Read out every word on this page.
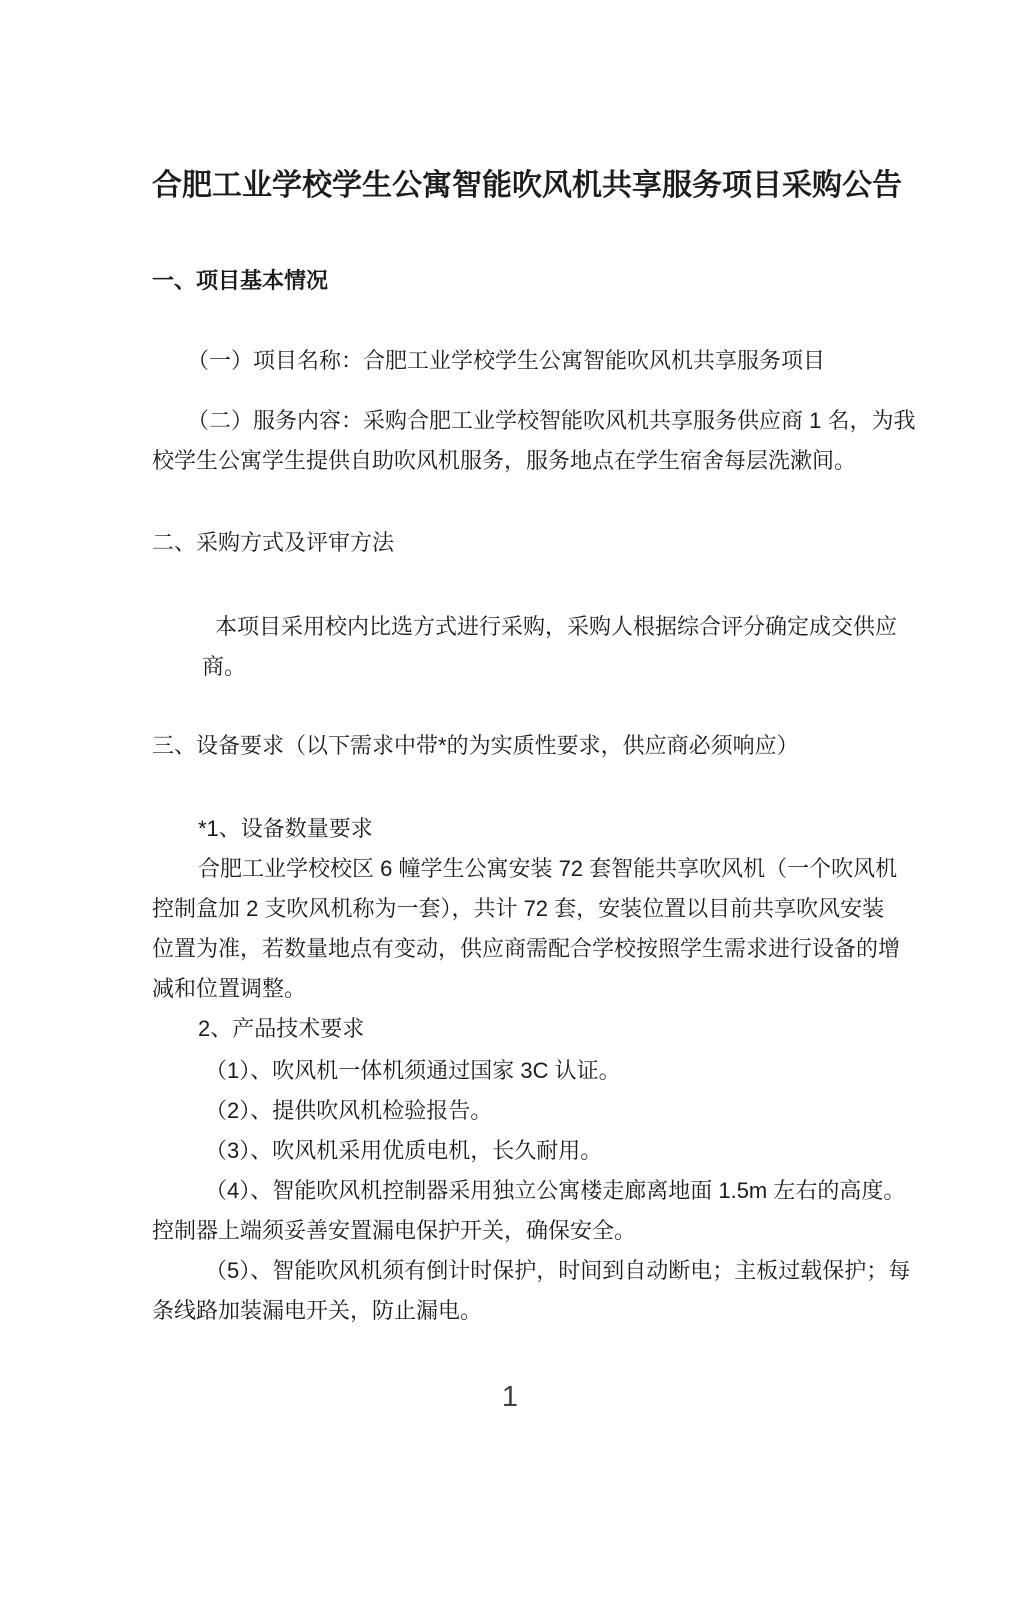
合肥工业学校学生公寓智能吹风机共享服务项目采购公告
一、项目基本情况
（一）项目名称：合肥工业学校学生公寓智能吹风机共享服务项目
（二）服务内容：采购合肥工业学校智能吹风机共享服务供应商 1 名，为我
校学生公寓学生提供自助吹风机服务，服务地点在学生宿舍每层洗漱间。
二、采购方式及评审方法
本项目采用校内比选方式进行采购，采购人根据综合评分确定成交供应
商。
三、设备要求（以下需求中带*的为实质性要求，供应商必须响应）
*1、设备数量要求
合肥工业学校校区 6 幢学生公寓安装 72 套智能共享吹风机（一个吹风机
控制盒加 2 支吹风机称为一套），共计 72 套，安装位置以目前共享吹风安装
位置为准，若数量地点有变动，供应商需配合学校按照学生需求进行设备的增
减和位置调整。
2、产品技术要求
（1）、吹风机一体机须通过国家 3C 认证。
（2）、提供吹风机检验报告。
（3）、吹风机采用优质电机，长久耐用。
（4）、智能吹风机控制器采用独立公寓楼走廊离地面 1.5m 左右的高度。
控制器上端须妥善安置漏电保护开关，确保安全。
（5）、智能吹风机须有倒计时保护，时间到自动断电；主板过载保护；每
条线路加装漏电开关，防止漏电。
1
